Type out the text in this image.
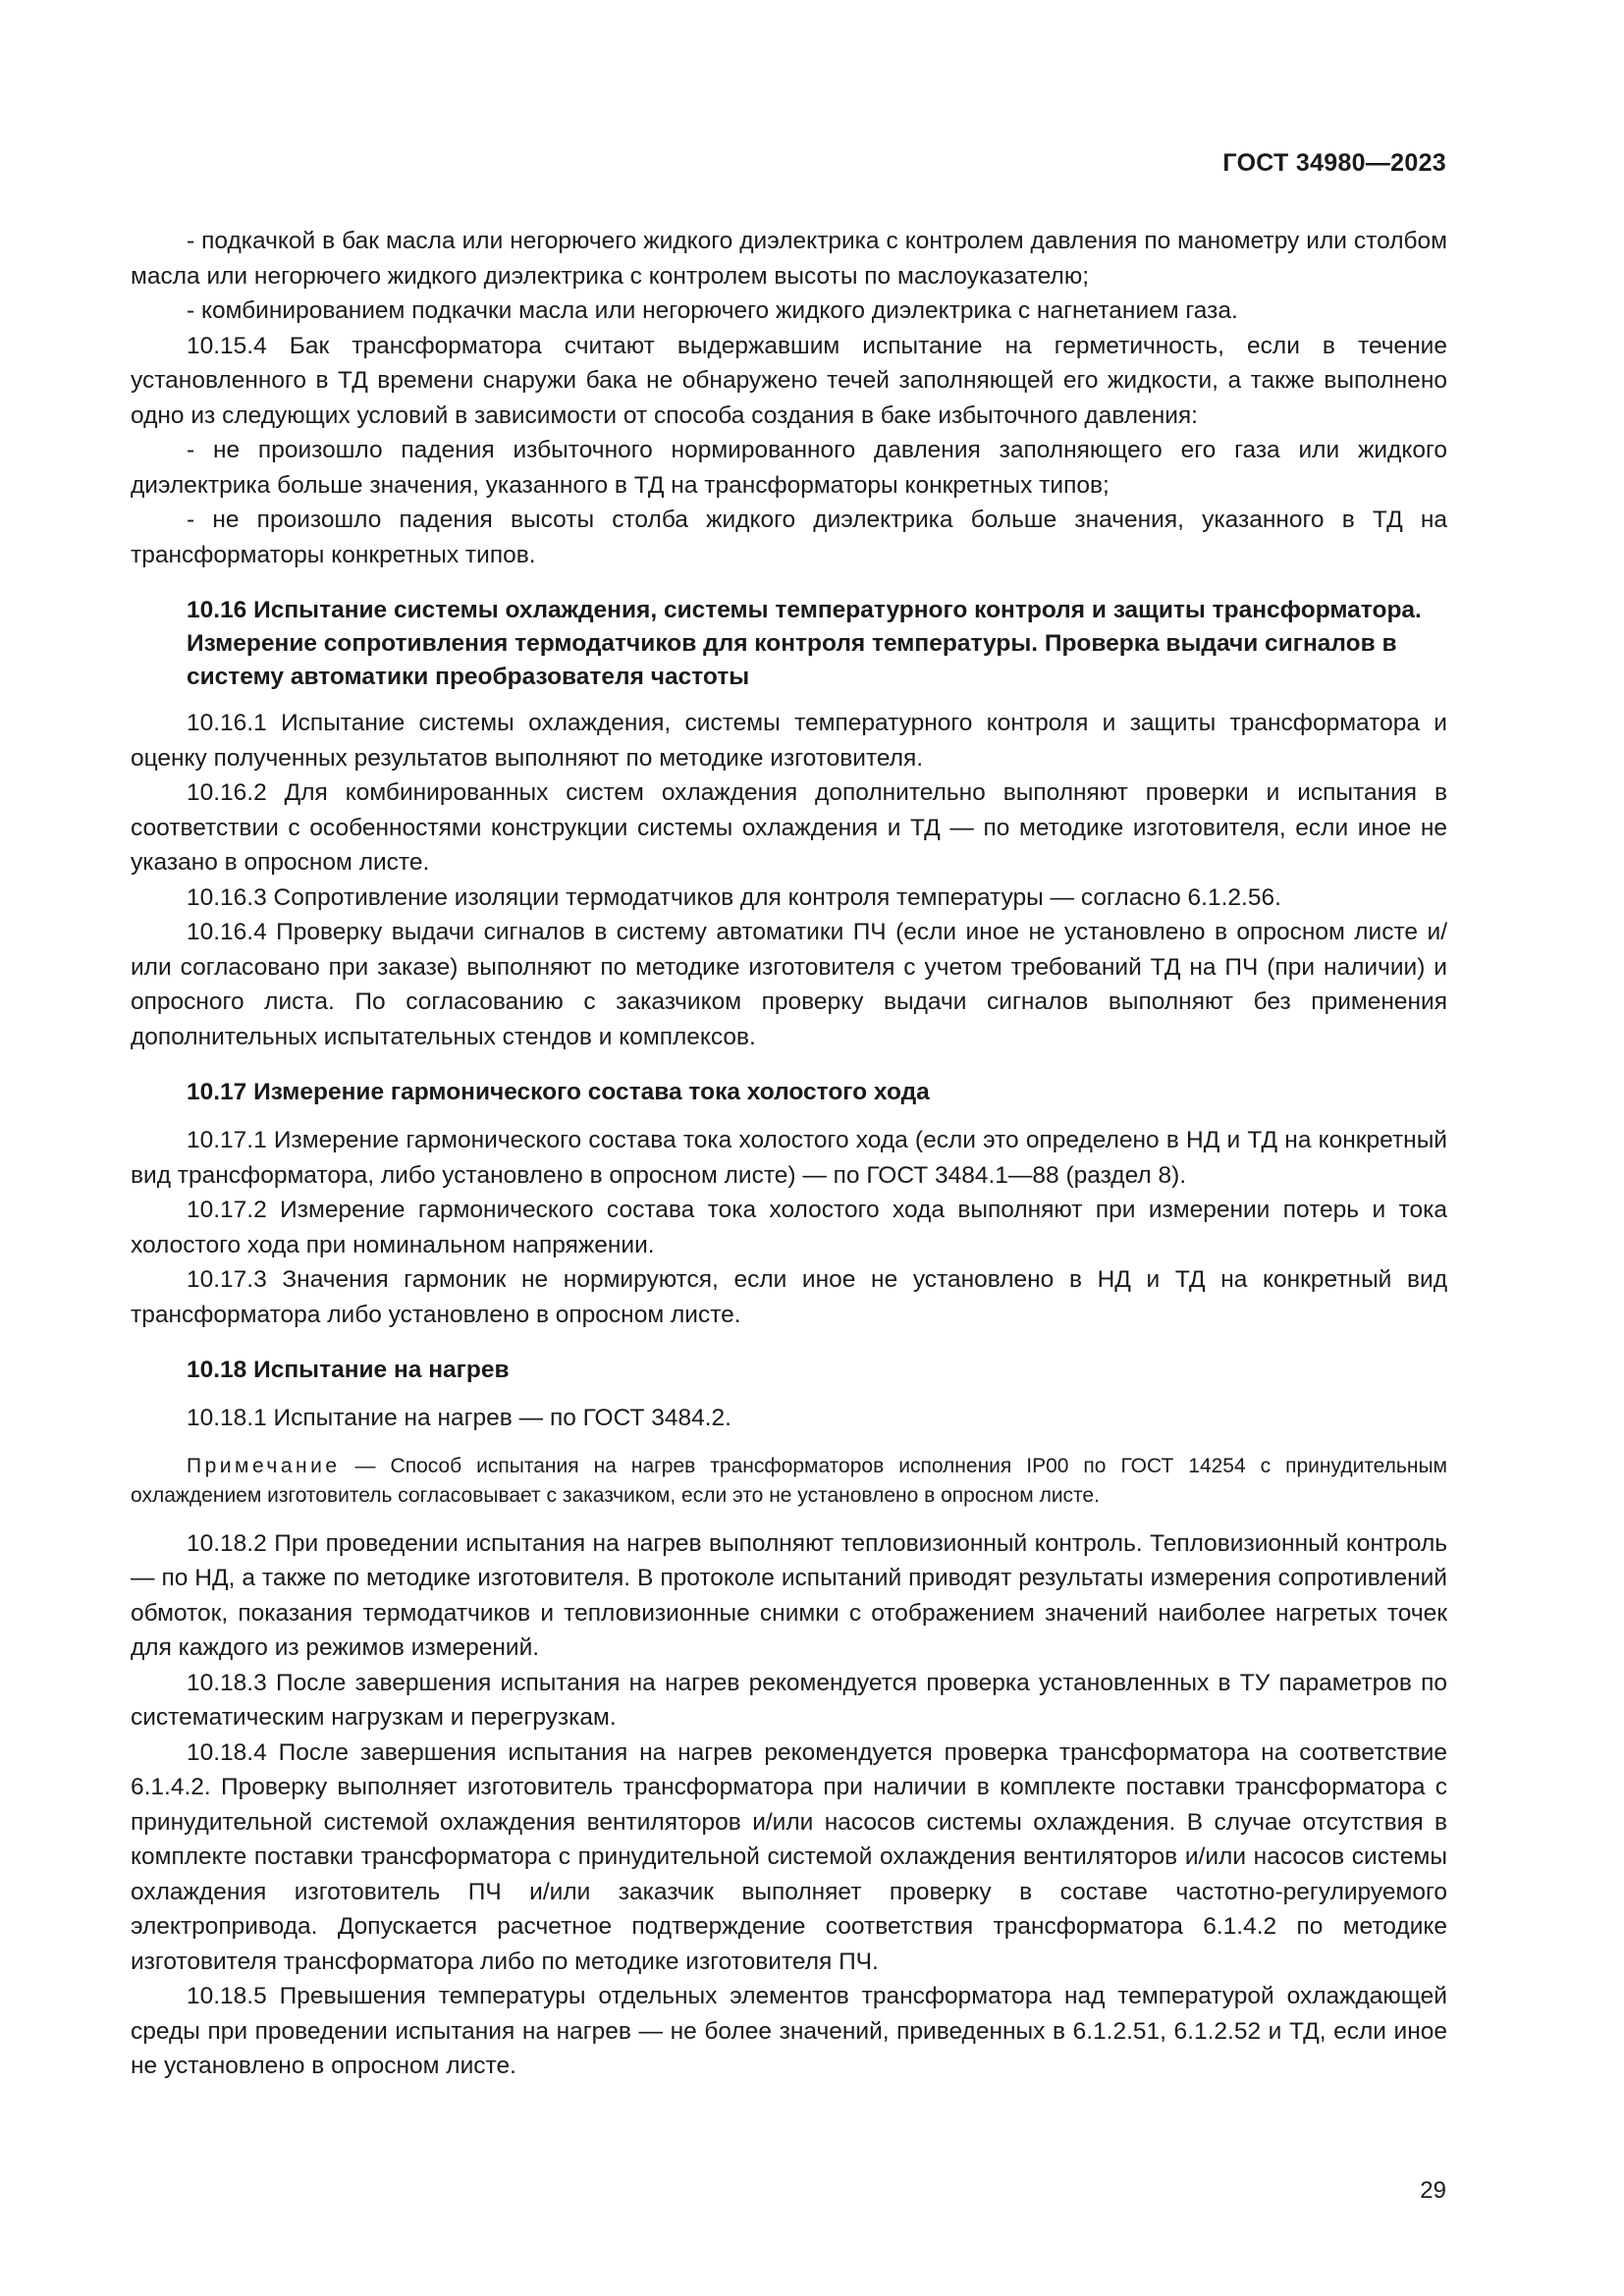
ГОСТ 34980—2023

- подкачкой в бак масла или негорючего жидкого диэлектрика с контролем давления по манометру или столбом масла или негорючего жидкого диэлектрика с контролем высоты по маслоуказателю;

- комбинированием подкачки масла или негорючего жидкого диэлектрика с нагнетанием газа.

10.15.4 Бак трансформатора считают выдержавшим испытание на герметичность, если в течение установленного в ТД времени снаружи бака не обнаружено течей заполняющей его жидкости, а также выполнено одно из следующих условий в зависимости от способа создания в баке избыточного давления:

- не произошло падения избыточного нормированного давления заполняющего его газа или жидкого диэлектрика больше значения, указанного в ТД на трансформаторы конкретных типов;

- не произошло падения высоты столба жидкого диэлектрика больше значения, указанного в ТД на трансформаторы конкретных типов.

10.16 Испытание системы охлаждения, системы температурного контроля и защиты трансформатора. Измерение сопротивления термодатчиков для контроля температуры. Проверка выдачи сигналов в систему автоматики преобразователя частоты

10.16.1 Испытание системы охлаждения, системы температурного контроля и защиты трансформатора и оценку полученных результатов выполняют по методике изготовителя.

10.16.2 Для комбинированных систем охлаждения дополнительно выполняют проверки и испытания в соответствии с особенностями конструкции системы охлаждения и ТД — по методике изготовителя, если иное не указано в опросном листе.

10.16.3 Сопротивление изоляции термодатчиков для контроля температуры — согласно 6.1.2.56.

10.16.4 Проверку выдачи сигналов в систему автоматики ПЧ (если иное не установлено в опросном листе и/или согласовано при заказе) выполняют по методике изготовителя с учетом требований ТД на ПЧ (при наличии) и опросного листа. По согласованию с заказчиком проверку выдачи сигналов выполняют без применения дополнительных испытательных стендов и комплексов.

10.17 Измерение гармонического состава тока холостого хода

10.17.1 Измерение гармонического состава тока холостого хода (если это определено в НД и ТД на конкретный вид трансформатора, либо установлено в опросном листе) — по ГОСТ 3484.1—88 (раздел 8).

10.17.2 Измерение гармонического состава тока холостого хода выполняют при измерении потерь и тока холостого хода при номинальном напряжении.

10.17.3 Значения гармоник не нормируются, если иное не установлено в НД и ТД на конкретный вид трансформатора либо установлено в опросном листе.

10.18 Испытание на нагрев

10.18.1 Испытание на нагрев — по ГОСТ 3484.2.

Примечание — Способ испытания на нагрев трансформаторов исполнения IP00 по ГОСТ 14254 с принудительным охлаждением изготовитель согласовывает с заказчиком, если это не установлено в опросном листе.

10.18.2 При проведении испытания на нагрев выполняют тепловизионный контроль. Тепловизионный контроль — по НД, а также по методике изготовителя. В протоколе испытаний приводят результаты измерения сопротивлений обмоток, показания термодатчиков и тепловизионные снимки с отображением значений наиболее нагретых точек для каждого из режимов измерений.

10.18.3 После завершения испытания на нагрев рекомендуется проверка установленных в ТУ параметров по систематическим нагрузкам и перегрузкам.

10.18.4 После завершения испытания на нагрев рекомендуется проверка трансформатора на соответствие 6.1.4.2. Проверку выполняет изготовитель трансформатора при наличии в комплекте поставки трансформатора с принудительной системой охлаждения вентиляторов и/или насосов системы охлаждения. В случае отсутствия в комплекте поставки трансформатора с принудительной системой охлаждения вентиляторов и/или насосов системы охлаждения изготовитель ПЧ и/или заказчик выполняет проверку в составе частотно-регулируемого электропривода. Допускается расчетное подтверждение соответствия трансформатора 6.1.4.2 по методике изготовителя трансформатора либо по методике изготовителя ПЧ.

10.18.5 Превышения температуры отдельных элементов трансформатора над температурой охлаждающей среды при проведении испытания на нагрев — не более значений, приведенных в 6.1.2.51, 6.1.2.52 и ТД, если иное не установлено в опросном листе.

29
